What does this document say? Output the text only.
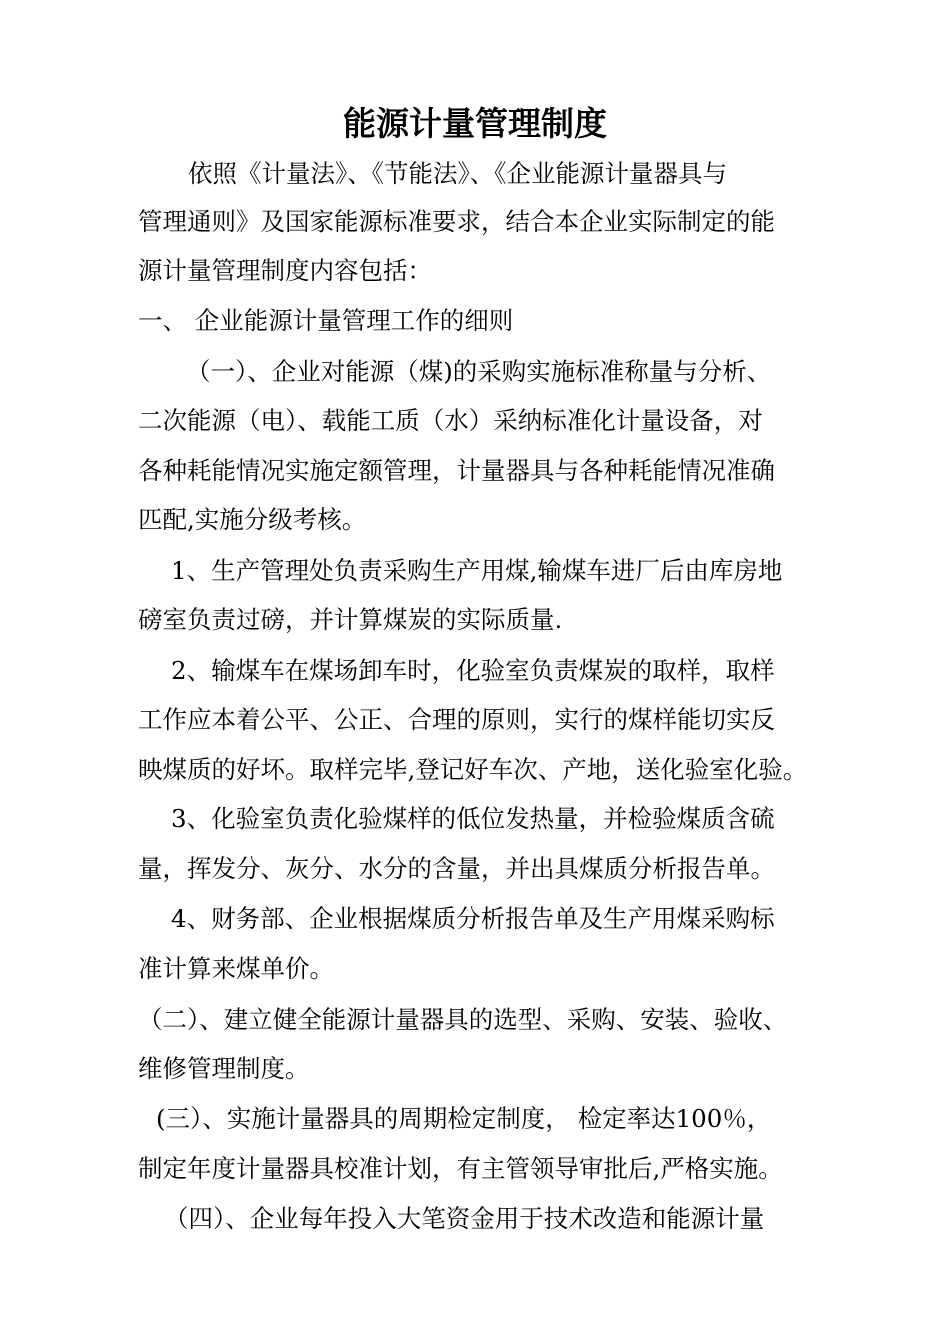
能源计量管理制度
依照《计量法》、《节能法》、《企业能源计量器具与
管理通则》及国家能源标准要求，结合本企业实际制定的能
源计量管理制度内容包括：
一、 企业能源计量管理工作的细则
（一）、企业对能源（煤)的采购实施标准称量与分析、
二次能源（电）、载能工质（水）采纳标准化计量设备，对
各种耗能情况实施定额管理，计量器具与各种耗能情况准确
匹配,实施分级考核。
1、生产管理处负责采购生产用煤,输煤车进厂后由库房地
磅室负责过磅，并计算煤炭的实际质量.
2、输煤车在煤场卸车时，化验室负责煤炭的取样，取样
工作应本着公平、公正、合理的原则，实行的煤样能切实反
映煤质的好坏。取样完毕,登记好车次、产地，送化验室化验。
3、化验室负责化验煤样的低位发热量，并检验煤质含硫
量，挥发分、灰分、水分的含量，并出具煤质分析报告单。
4、财务部、企业根据煤质分析报告单及生产用煤采购标
准计算来煤单价。
（二）、建立健全能源计量器具的选型、采购、安装、验收、
维修管理制度。
(三）、实施计量器具的周期检定制度， 检定率达100％，
制定年度计量器具校准计划，有主管领导审批后,严格实施。
（四）、企业每年投入大笔资金用于技术改造和能源计量
